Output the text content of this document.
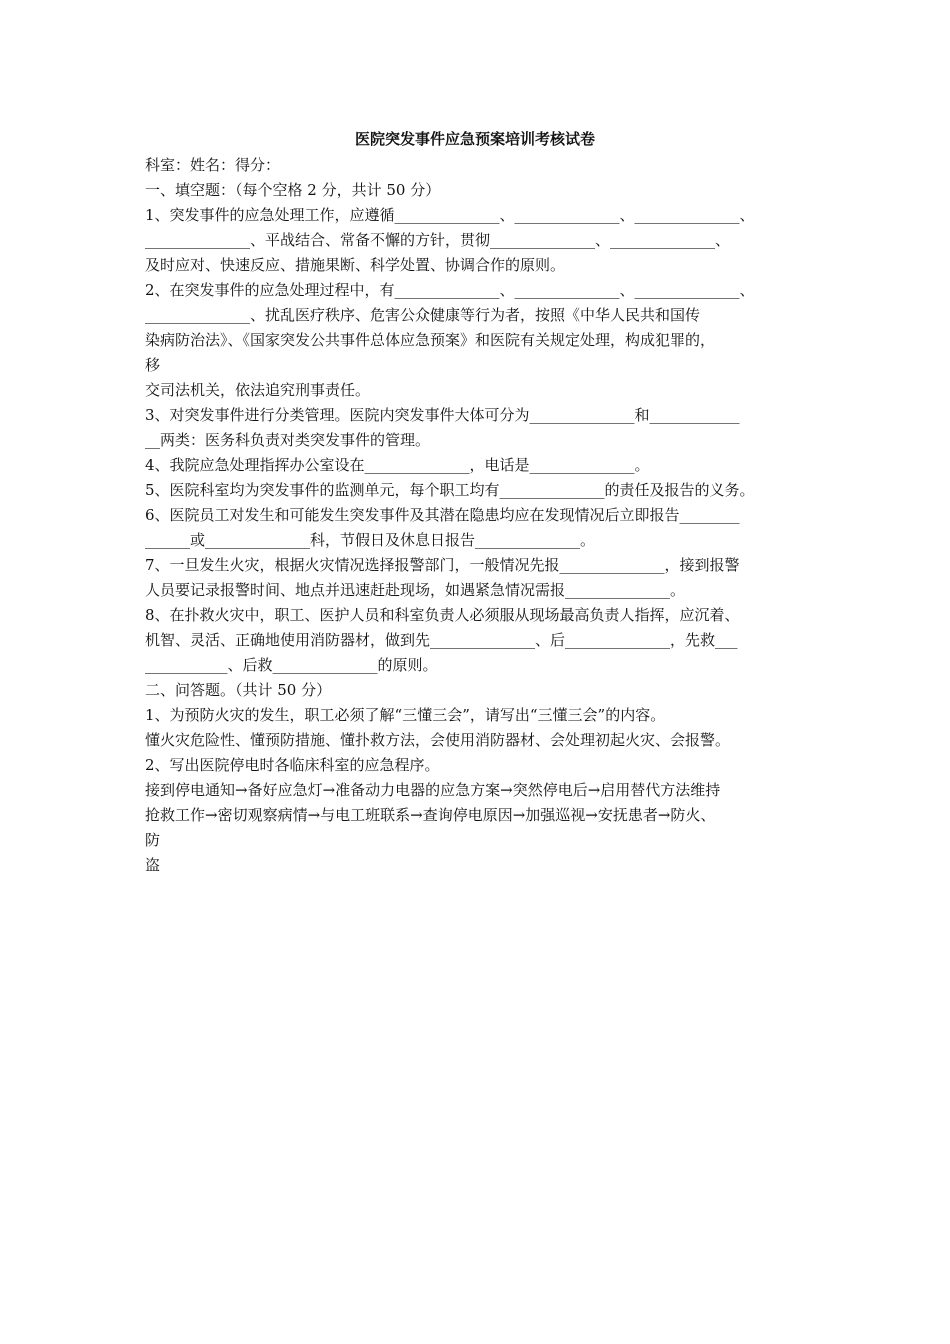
医院突发事件应急预案培训考核试卷
科室：姓名：得分：
一、填空题：（每个空格 2 分，共计 50 分）
1、突发事件的应急处理工作，应遵循______________、______________、______________、
______________、平战结合、常备不懈的方针，贯彻______________、______________、
及时应对、快速反应、措施果断、科学处置、协调合作的原则。
2、在突发事件的应急处理过程中，有______________、______________、______________、
______________、扰乱医疗秩序、危害公众健康等行为者，按照《中华人民共和国传
染病防治法》、《国家突发公共事件总体应急预案》和医院有关规定处理，构成犯罪的，
移
交司法机关，依法追究刑事责任。
3、对突发事件进行分类管理。医院内突发事件大体可分为______________和____________
__两类：医务科负责对类突发事件的管理。
4、我院应急处理指挥办公室设在______________，电话是______________。
5、医院科室均为突发事件的监测单元，每个职工均有______________的责任及报告的义务。
6、医院员工对发生和可能发生突发事件及其潜在隐患均应在发现情况后立即报告________
______或______________科，节假日及休息日报告______________。
7、一旦发生火灾，根据火灾情况选择报警部门，一般情况先报______________，接到报警
人员要记录报警时间、地点并迅速赶赴现场，如遇紧急情况需报______________。
8、在扑救火灾中，职工、医护人员和科室负责人必须服从现场最高负责人指挥，应沉着、
机智、灵活、正确地使用消防器材，做到先______________、后______________，先救___
___________、后救______________的原则。
二、问答题。（共计 50 分）
1、为预防火灾的发生，职工必须了解“三懂三会”，请写出“三懂三会”的内容。
懂火灾危险性、懂预防措施、懂扑救方法，会使用消防器材、会处理初起火灾、会报警。
2、写出医院停电时各临床科室的应急程序。
接到停电通知→备好应急灯→准备动力电器的应急方案→突然停电后→启用替代方法维持
抢救工作→密切观察病情→与电工班联系→查询停电原因→加强巡视→安抚患者→防火、
防
盗
